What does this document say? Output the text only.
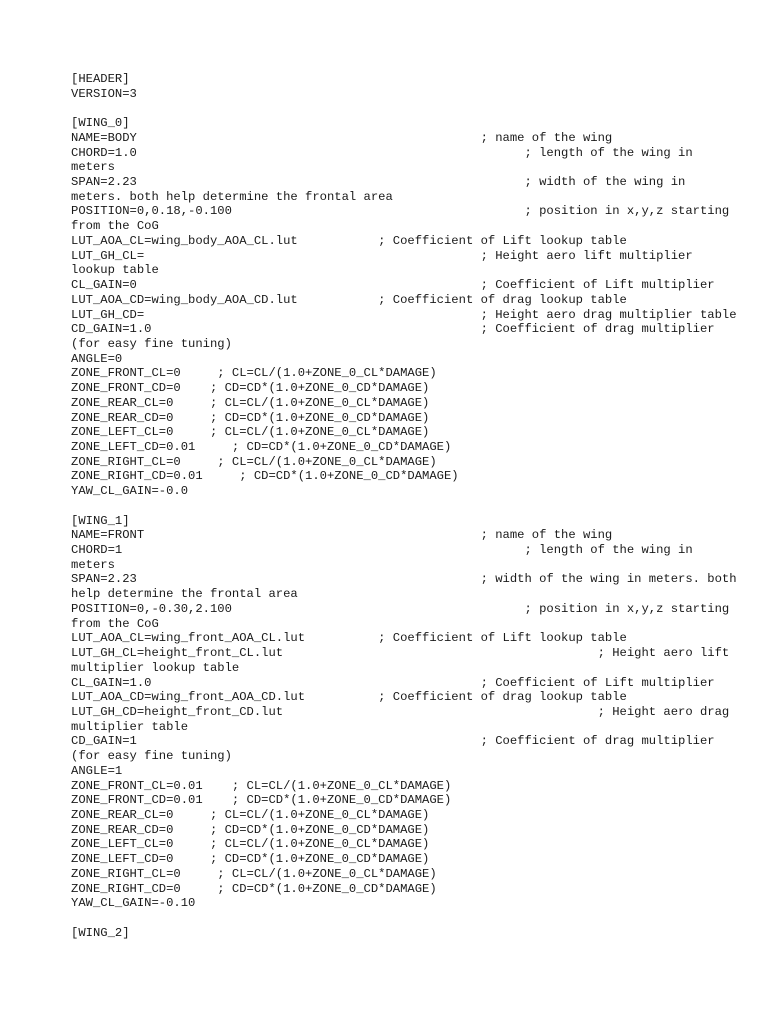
[HEADER]
VERSION=3
[WING_0]
NAME=BODY                                               ; name of the wing
CHORD=1.0                                                     ; length of the wing in
meters
SPAN=2.23                                                     ; width of the wing in
meters. both help determine the frontal area
POSITION=0,0.18,-0.100                                        ; position in x,y,z starting
from the CoG
LUT_AOA_CL=wing_body_AOA_CL.lut           ; Coefficient of Lift lookup table
LUT_GH_CL=                                              ; Height aero lift multiplier
lookup table
CL_GAIN=0                                               ; Coefficient of Lift multiplier
LUT_AOA_CD=wing_body_AOA_CD.lut           ; Coefficient of drag lookup table
LUT_GH_CD=                                              ; Height aero drag multiplier table
CD_GAIN=1.0                                             ; Coefficient of drag multiplier
(for easy fine tuning)
ANGLE=0
ZONE_FRONT_CL=0     ; CL=CL/(1.0+ZONE_0_CL*DAMAGE)
ZONE_FRONT_CD=0    ; CD=CD*(1.0+ZONE_0_CD*DAMAGE)
ZONE_REAR_CL=0     ; CL=CL/(1.0+ZONE_0_CL*DAMAGE)
ZONE_REAR_CD=0     ; CD=CD*(1.0+ZONE_0_CD*DAMAGE)
ZONE_LEFT_CL=0     ; CL=CL/(1.0+ZONE_0_CL*DAMAGE)
ZONE_LEFT_CD=0.01     ; CD=CD*(1.0+ZONE_0_CD*DAMAGE)
ZONE_RIGHT_CL=0     ; CL=CL/(1.0+ZONE_0_CL*DAMAGE)
ZONE_RIGHT_CD=0.01     ; CD=CD*(1.0+ZONE_0_CD*DAMAGE)
YAW_CL_GAIN=-0.0
[WING_1]
NAME=FRONT                                              ; name of the wing
CHORD=1                                                       ; length of the wing in
meters
SPAN=2.23                                               ; width of the wing in meters. both
help determine the frontal area
POSITION=0,-0.30,2.100                                        ; position in x,y,z starting
from the CoG
LUT_AOA_CL=wing_front_AOA_CL.lut          ; Coefficient of Lift lookup table
LUT_GH_CL=height_front_CL.lut                                           ; Height aero lift
multiplier lookup table
CL_GAIN=1.0                                             ; Coefficient of Lift multiplier
LUT_AOA_CD=wing_front_AOA_CD.lut          ; Coefficient of drag lookup table
LUT_GH_CD=height_front_CD.lut                                           ; Height aero drag
multiplier table
CD_GAIN=1                                               ; Coefficient of drag multiplier
(for easy fine tuning)
ANGLE=1
ZONE_FRONT_CL=0.01    ; CL=CL/(1.0+ZONE_0_CL*DAMAGE)
ZONE_FRONT_CD=0.01    ; CD=CD*(1.0+ZONE_0_CD*DAMAGE)
ZONE_REAR_CL=0     ; CL=CL/(1.0+ZONE_0_CL*DAMAGE)
ZONE_REAR_CD=0     ; CD=CD*(1.0+ZONE_0_CD*DAMAGE)
ZONE_LEFT_CL=0     ; CL=CL/(1.0+ZONE_0_CL*DAMAGE)
ZONE_LEFT_CD=0     ; CD=CD*(1.0+ZONE_0_CD*DAMAGE)
ZONE_RIGHT_CL=0     ; CL=CL/(1.0+ZONE_0_CL*DAMAGE)
ZONE_RIGHT_CD=0     ; CD=CD*(1.0+ZONE_0_CD*DAMAGE)
YAW_CL_GAIN=-0.10
[WING_2]
